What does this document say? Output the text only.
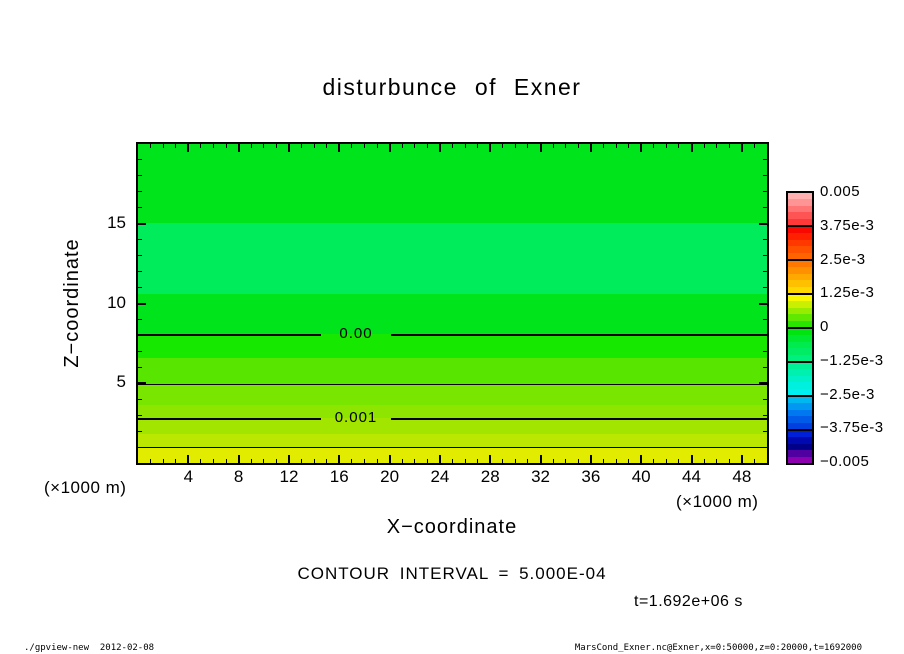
disturbunce of Exner
0.00
0.001
(×1000 m)
(×1000 m)
X−coordinate
Z−coordinate
CONTOUR INTERVAL = 5.000E-04
t=1.692e+06 s
./gpview-new  2012-02-08	MarsCond_Exner.nc@Exner,x=0:50000,z=0:20000,t=1692000
4	8	12	16	20	24	28	32	36	40	44	48
5
10
15
0.005
3.75e-3
2.5e-3
1.25e-3
0
−1.25e-3
−2.5e-3
−3.75e-3
−0.005
